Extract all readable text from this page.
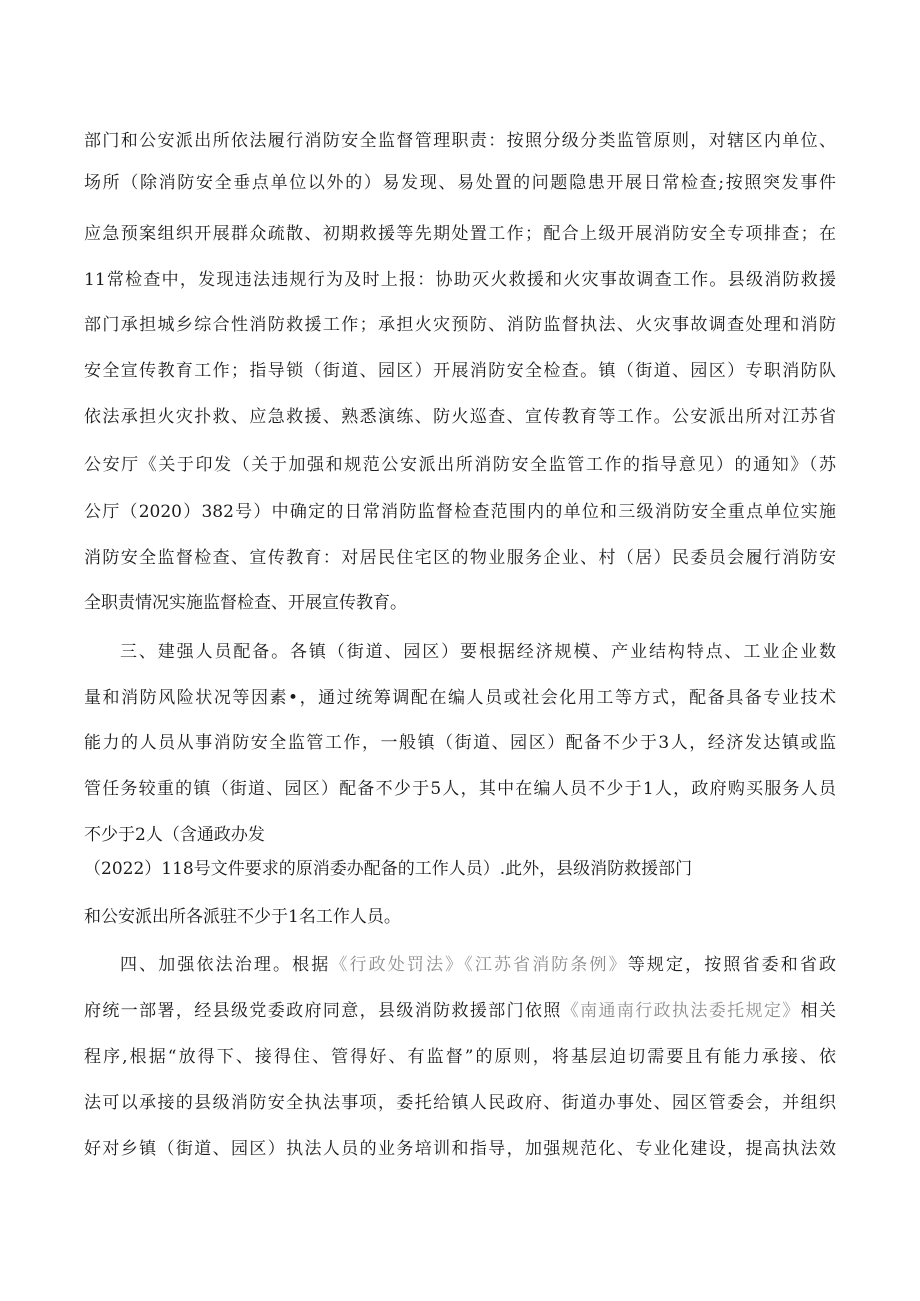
部门和公安派出所依法履行消防安全监督管理职责：按照分级分类监管原则，对辖区内单位、
场所（除消防安全垂点单位以外的）易发现、易处置的问题隐患开展日常检查;按照突发事件
应急预案组织开展群众疏散、初期救援等先期处置工作；配合上级开展消防安全专项排查；在
11常检查中，发现违法违规行为及时上报：协助灭火救援和火灾事故调查工作。县级消防救援
部门承担城乡综合性消防救援工作；承担火灾预防、消防监督执法、火灾事故调查处理和消防
安全宣传教育工作；指导锁（街道、园区）开展消防安全检查。镇（街道、园区）专职消防队
依法承担火灾扑救、应急救援、熟悉演练、防火巡查、宣传教育等工作。公安派出所对江苏省
公安厅《关于印发（关于加强和规范公安派出所消防安全监管工作的指导意见）的通知》（苏
公厅（2020）382号）中确定的日常消防监督检查范围内的单位和三级消防安全重点单位实施
消防安全监督检查、宣传教育：对居民住宅区的物业服务企业、村（居）民委员会履行消防安
全职责情况实施监督检查、开展宣传教育。
三、建强人员配备。各镇（街道、园区）要根据经济规模、产业结构特点、工业企业数
量和消防风险状况等因素•，通过统筹调配在编人员或社会化用工等方式，配备具备专业技术
能力的人员从事消防安全监管工作，一般镇（街道、园区）配备不少于3人，经济发达镇或监
管任务较重的镇（街道、园区）配备不少于5人，其中在编人员不少于1人，政府购买服务人员
不少于2人（含通政办发
（2022）118号文件要求的原消委办配备的工作人员）.此外，县级消防救援部门
和公安派出所各派驻不少于1名工作人员。
四、加强依法治理。根据《行政处罚法》《江苏省消防条例》等规定，按照省委和省政
府统一部署，经县级党委政府同意，县级消防救援部门依照《南通南行政执法委托规定》相关
程序,根据“放得下、接得住、管得好、有监督”的原则，将基层迫切需要且有能力承接、依
法可以承接的县级消防安全执法事项，委托给镇人民政府、街道办事处、园区管委会，并组织
好对乡镇（街道、园区）执法人员的业务培训和指导，加强规范化、专业化建设，提高执法效
